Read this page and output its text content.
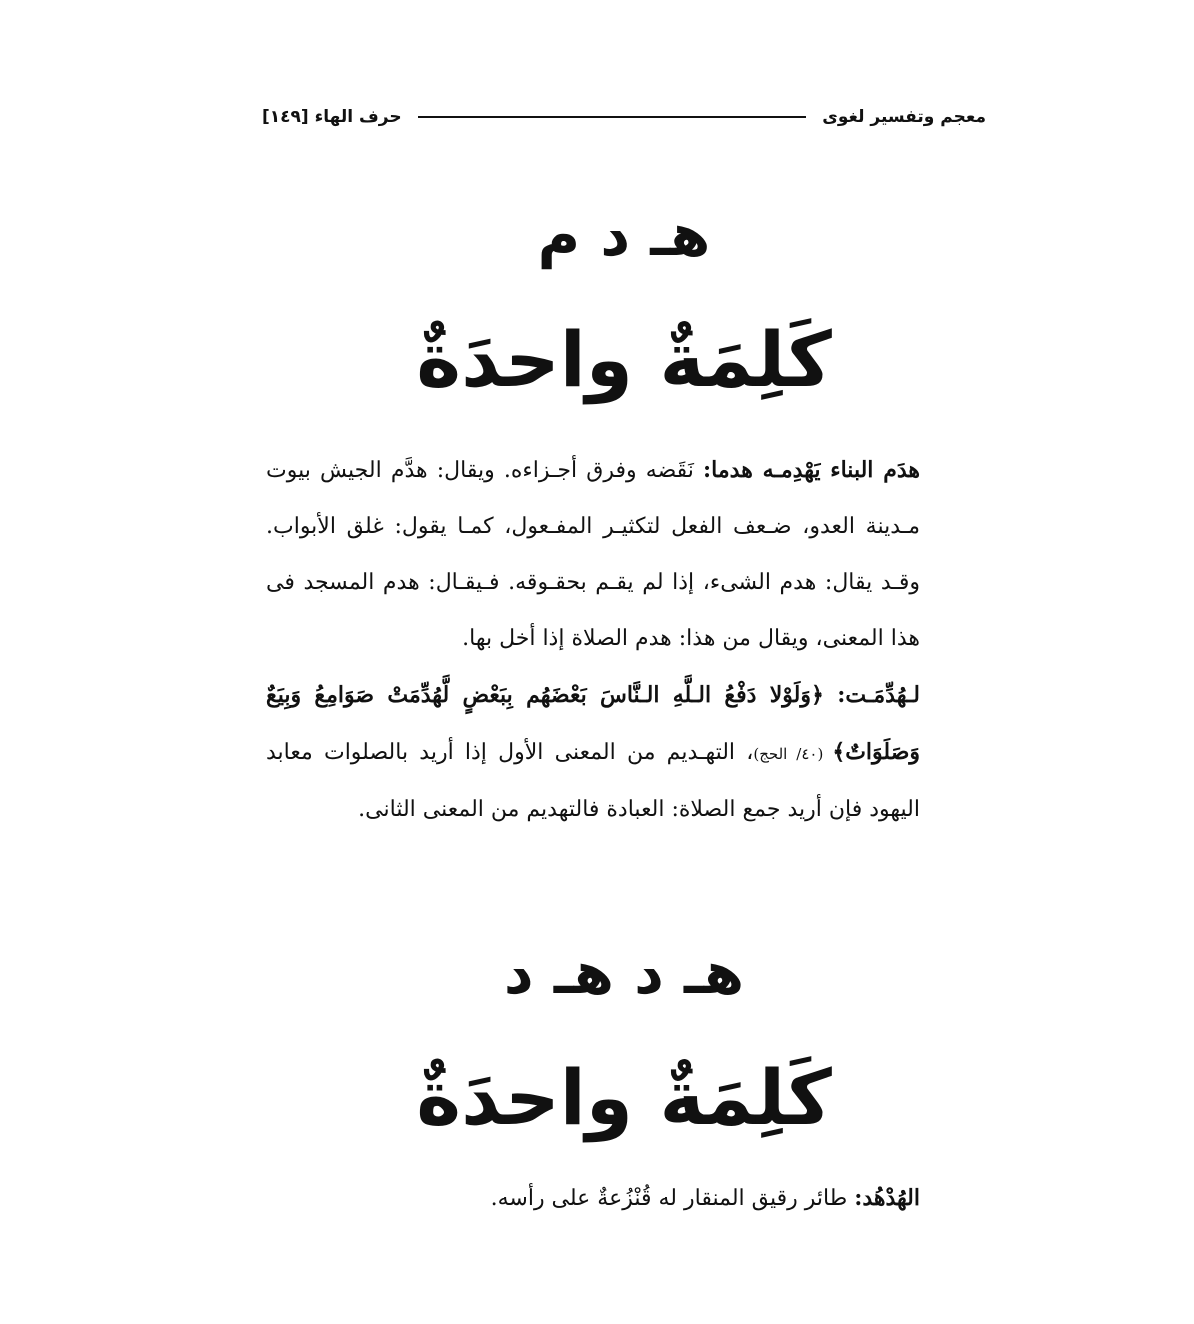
معجم وتفسير لغوى
حرف الهاء [١٤٩]
هـ د م
كَلِمَةٌ واحدَةٌ

هدَم البناء يَهْدِمـه هدما: نَقَضه وفرق أجـزاءه. ويقال: هدَّم الجيش بيوت مـدينة العدو، ضـعف الفعل لتكثيـر المفـعول، كمـا يقول: غلق الأبواب. وقـد يقال: هدم الشىء، إذا لم يقـم بحقـوقه. فـيقـال: هدم المسجد فى هذا المعنى، ويقال من هذا: هدم الصلاة إذا أخل بها.

لـهُدِّمَـت: ﴿وَلَوْلا دَفْعُ الـلَّهِ الـنَّاسَ بَعْضَهُم بِبَعْضٍ لَّهُدِّمَتْ صَوَامِعُ وَبِيَعٌ وَصَلَوَاتٌ﴾ (٤٠/ الحج)، التهـديم من المعنى الأول إذا أريد بالصلوات معابد اليهود فإن أريد جمع الصلاة: العبادة فالتهديم من المعنى الثانى.

هـ د هـ د
كَلِمَةٌ واحدَةٌ

الهُدْهُد: طائر رقيق المنقار له قُنْزُعةٌ على رأسه.
